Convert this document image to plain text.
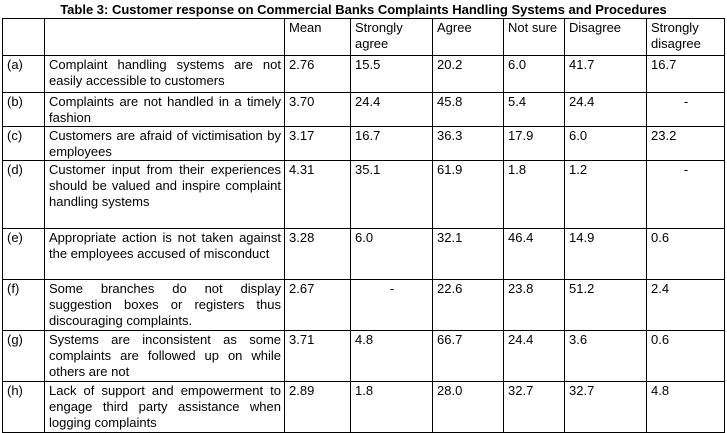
Table 3: Customer response on Commercial Banks Complaints Handling Systems and Procedures
		Mean	Strongly agree	Agree	Not sure	Disagree	Strongly disagree
(a)	Complaint handling systems are not easily accessible to customers	2.76	15.5	20.2	6.0	41.7	16.7
(b)	Complaints are not handled in a timely fashion	3.70	24.4	45.8	5.4	24.4	-
(c)	Customers are afraid of victimisation by employees	3.17	16.7	36.3	17.9	6.0	23.2
(d)	Customer input from their experiences should be valued and inspire complaint handling systems	4.31	35.1	61.9	1.8	1.2	-
(e)	Appropriate action is not taken against the employees accused of misconduct	3.28	6.0	32.1	46.4	14.9	0.6
(f)	Some branches do not display suggestion boxes or registers thus discouraging complaints.	2.67	-	22.6	23.8	51.2	2.4
(g)	Systems are inconsistent as some complaints are followed up on while others are not	3.71	4.8	66.7	24.4	3.6	0.6
(h)	Lack of support and empowerment to engage third party assistance when logging complaints	2.89	1.8	28.0	32.7	32.7	4.8
